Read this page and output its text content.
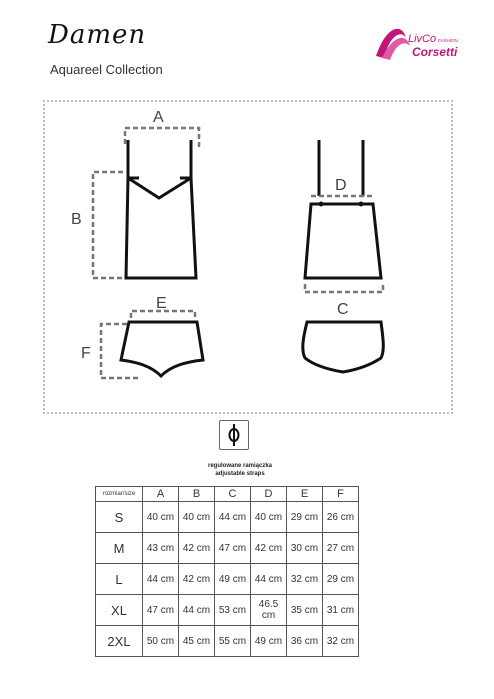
Damen
Aquareel Collection
LivCo FASHION
Corsetti
A
B
D
C
E
F
regulowane ramiączka
adjustable straps
rozmiar/size	A	B	C	D	E	F
S	40 cm	40 cm	44 cm	40 cm	29 cm	26 cm
M	43 cm	42 cm	47 cm	42 cm	30 cm	27 cm
L	44 cm	42 cm	49 cm	44 cm	32 cm	29 cm
XL	47 cm	44 cm	53 cm	46.5 cm	35 cm	31 cm
2XL	50 cm	45 cm	55 cm	49 cm	36 cm	32 cm
